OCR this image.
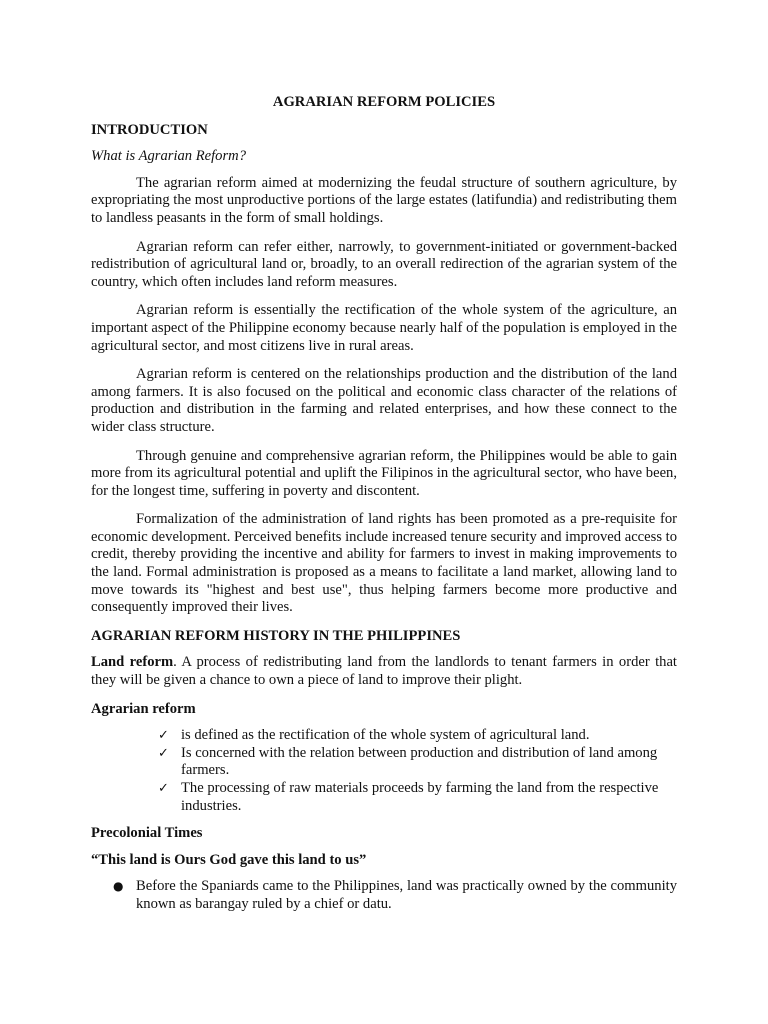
AGRARIAN REFORM POLICIES
INTRODUCTION
What is Agrarian Reform?

The agrarian reform aimed at modernizing the feudal structure of southern agriculture, by expropriating the most unproductive portions of the large estates (latifundia) and redistributing them to landless peasants in the form of small holdings.

Agrarian reform can refer either, narrowly, to government-initiated or government-backed redistribution of agricultural land or, broadly, to an overall redirection of the agrarian system of the country, which often includes land reform measures.

Agrarian reform is essentially the rectification of the whole system of the agriculture, an important aspect of the Philippine economy because nearly half of the population is employed in the agricultural sector, and most citizens live in rural areas.

Agrarian reform is centered on the relationships production and the distribution of the land among farmers. It is also focused on the political and economic class character of the relations of production and distribution in the farming and related enterprises, and how these connect to the wider class structure.

Through genuine and comprehensive agrarian reform, the Philippines would be able to gain more from its agricultural potential and uplift the Filipinos in the agricultural sector, who have been, for the longest time, suffering in poverty and discontent.

Formalization of the administration of land rights has been promoted as a pre-requisite for economic development. Perceived benefits include increased tenure security and improved access to credit, thereby providing the incentive and ability for farmers to invest in making improvements to the land. Formal administration is proposed as a means to facilitate a land market, allowing land to move towards its "highest and best use", thus helping farmers become more productive and consequently improved their lives.

AGRARIAN REFORM HISTORY IN THE PHILIPPINES

Land reform. A process of redistributing land from the landlords to tenant farmers in order that they will be given a chance to own a piece of land to improve their plight.

Agrarian reform
✓ is defined as the rectification of the whole system of agricultural land.
✓ Is concerned with the relation between production and distribution of land among farmers.
✓ The processing of raw materials proceeds by farming the land from the respective industries.
Precolonial Times
“This land is Ours God gave this land to us”
● Before the Spaniards came to the Philippines, land was practically owned by the community known as barangay ruled by a chief or datu.
